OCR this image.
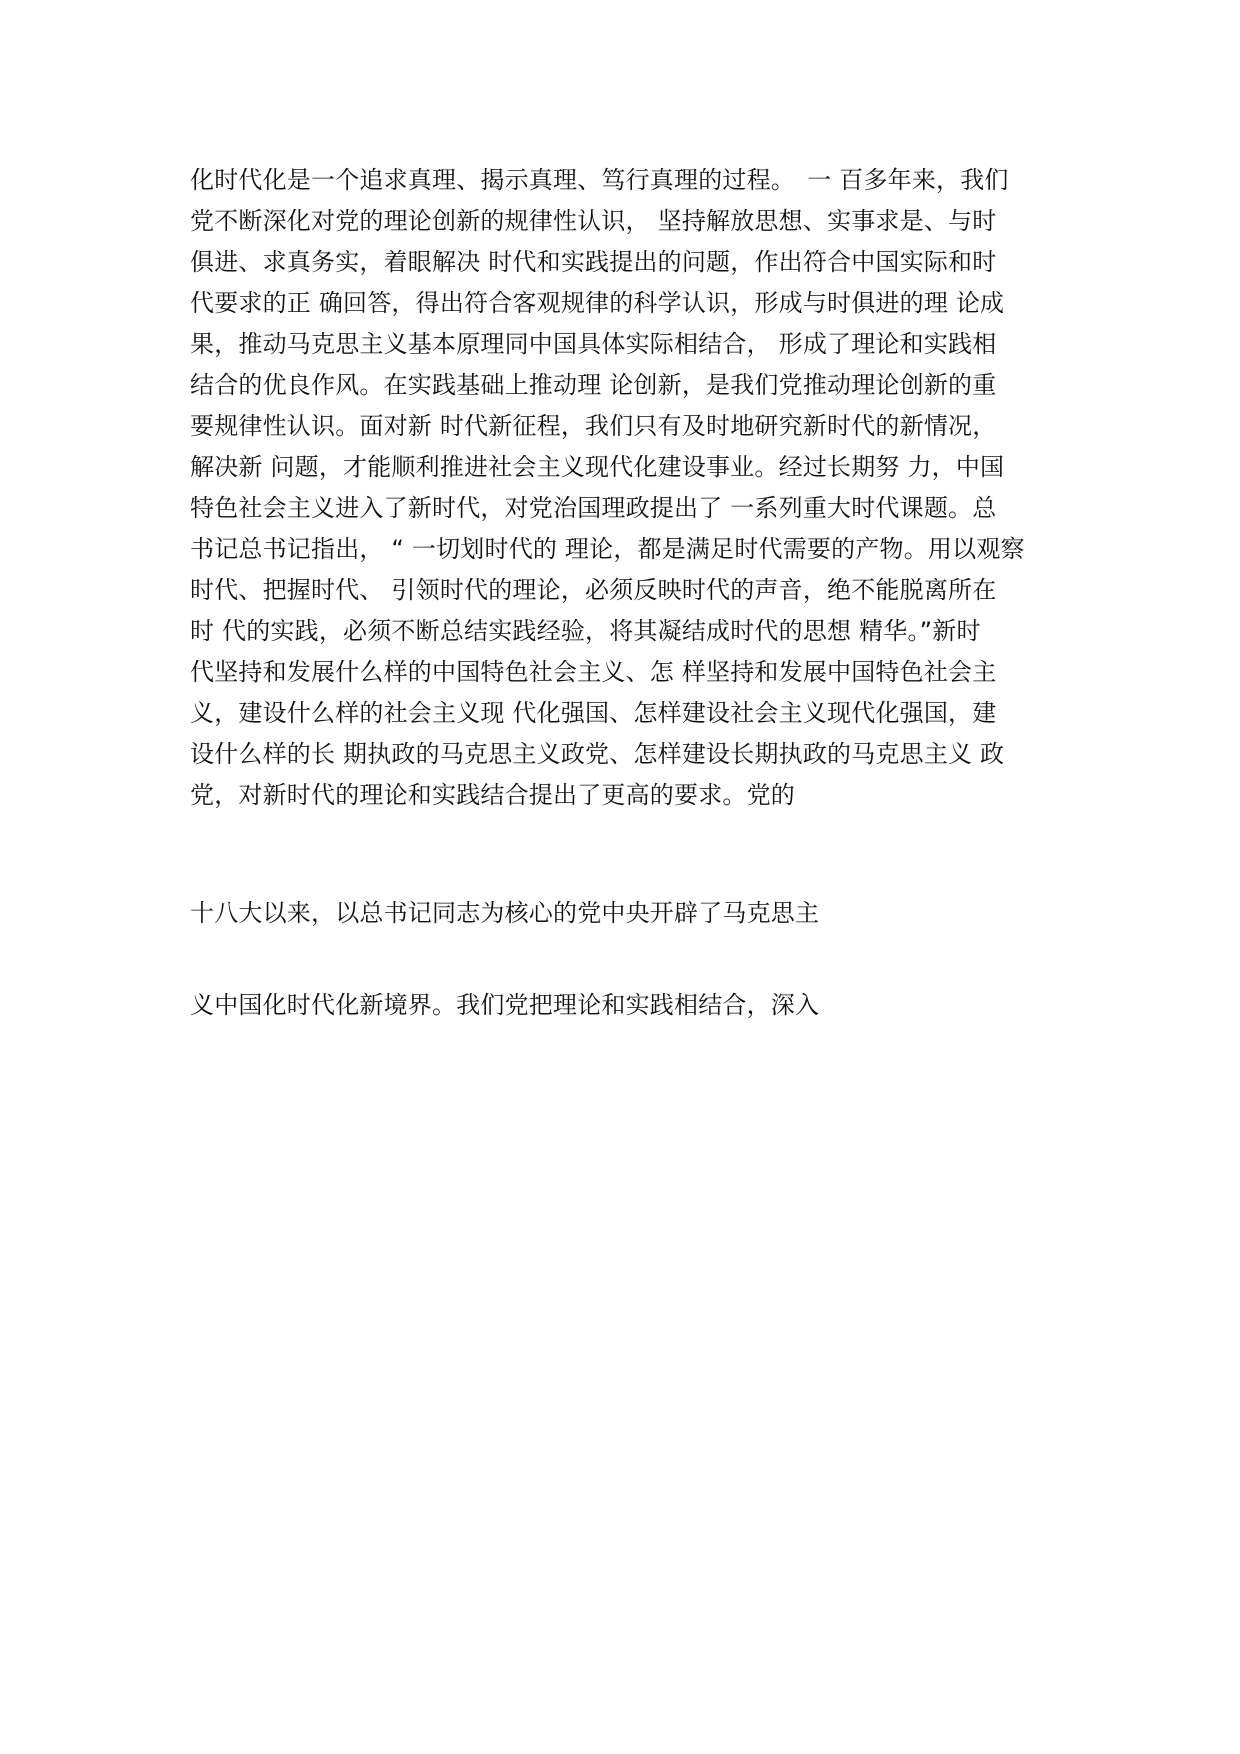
化时代化是一个追求真理、揭示真理、笃行真理的过程。　一 百多年来，我们
党不断深化对党的理论创新的规律性认识， 坚持解放思想、实事求是、与时
俱进、求真务实，着眼解决 时代和实践提出的问题，作出符合中国实际和时
代要求的正 确回答，得出符合客观规律的科学认识，形成与时俱进的理 论成
果，推动马克思主义基本原理同中国具体实际相结合， 形成了理论和实践相
结合的优良作风。在实践基础上推动理 论创新，是我们党推动理论创新的重
要规律性认识。面对新 时代新征程，我们只有及时地研究新时代的新情况，
解决新 问题，才能顺利推进社会主义现代化建设事业。经过长期努 力，中国
特色社会主义进入了新时代，对党治国理政提出了 一系列重大时代课题。总
书记总书记指出， “ 一切划时代的 理论，都是满足时代需要的产物。用以观察
时代、把握时代、 引领时代的理论，必须反映时代的声音，绝不能脱离所在
时 代的实践，必须不断总结实践经验，将其凝结成时代的思想 精华。”新时
代坚持和发展什么样的中国特色社会主义、怎 样坚持和发展中国特色社会主
义，建设什么样的社会主义现 代化强国、怎样建设社会主义现代化强国，建
设什么样的长 期执政的马克思主义政党、怎样建设长期执政的马克思主义 政
党，对新时代的理论和实践结合提出了更高的要求。党的
十八大以来，以总书记同志为核心的党中央开辟了马克思主
义中国化时代化新境界。我们党把理论和实践相结合，深入
